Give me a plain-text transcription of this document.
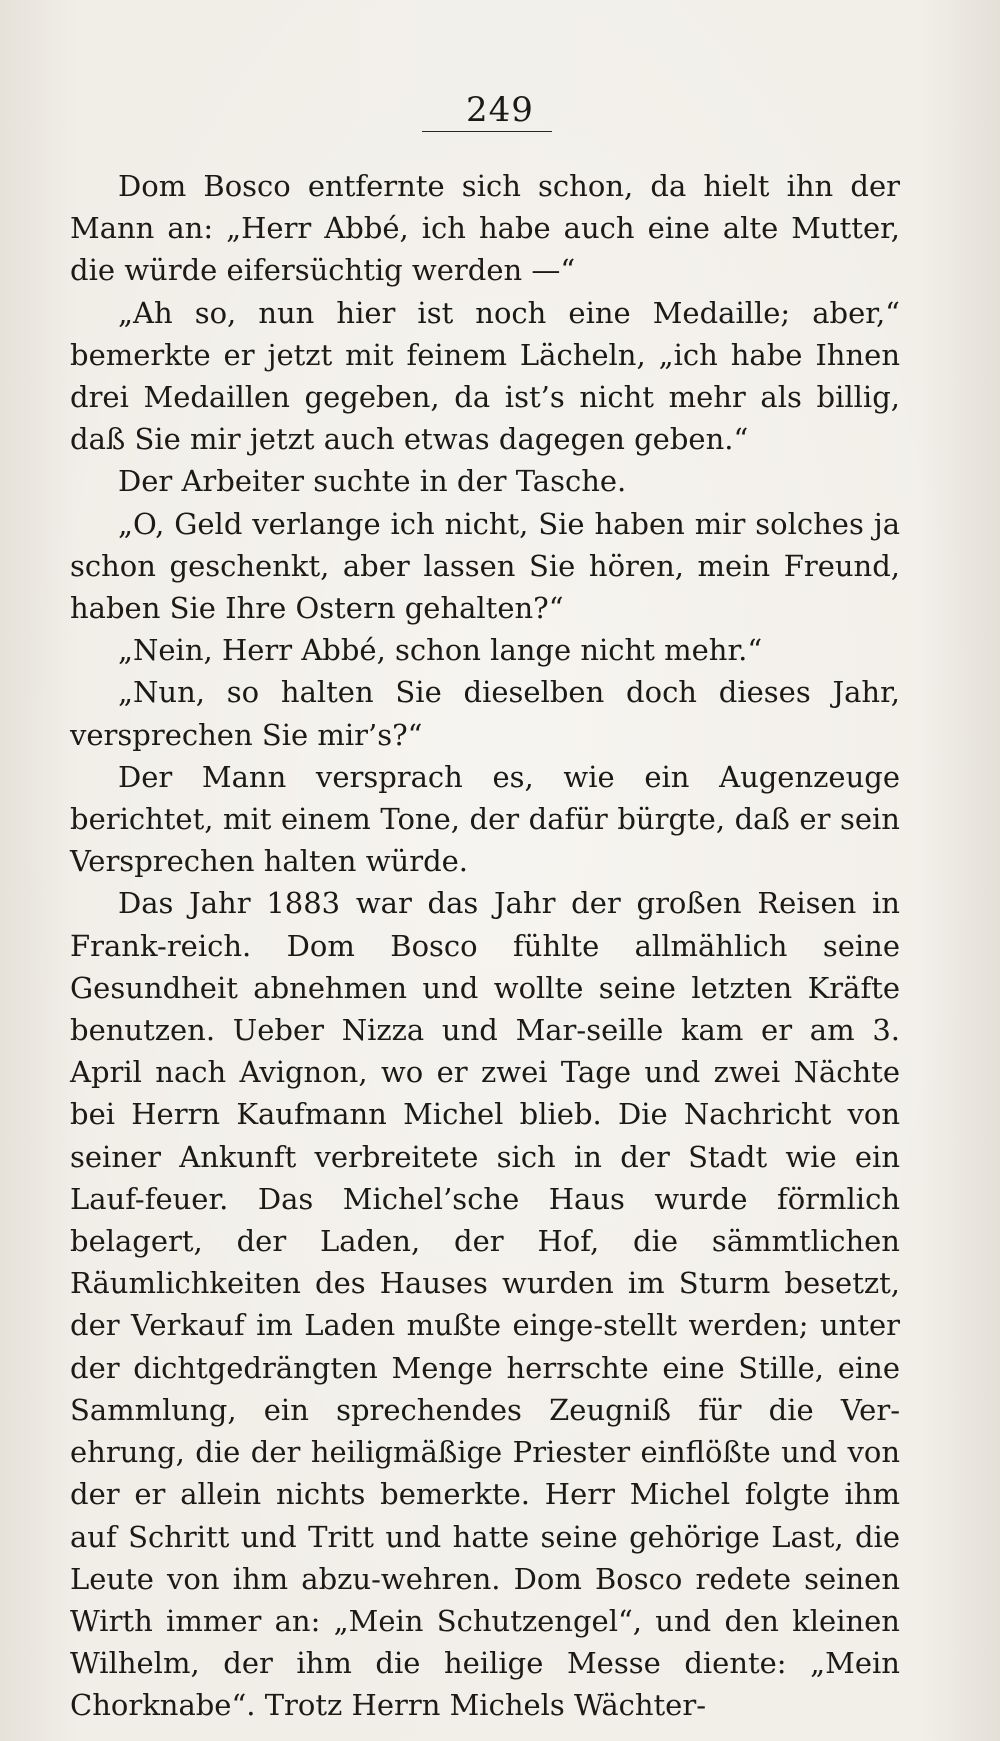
249

Dom Bosco entfernte sich schon, da hielt ihn der Mann an: „Herr Abbé, ich habe auch eine alte Mutter, die würde eifersüchtig werden —“

„Ah so, nun hier ist noch eine Medaille; aber,“ bemerkte er jetzt mit feinem Lächeln, „ich habe Ihnen drei Medaillen gegeben, da ist’s nicht mehr als billig, daß Sie mir jetzt auch etwas dagegen geben.“

Der Arbeiter suchte in der Tasche.

„O, Geld verlange ich nicht, Sie haben mir solches ja schon geschenkt, aber lassen Sie hören, mein Freund, haben Sie Ihre Ostern gehalten?“

„Nein, Herr Abbé, schon lange nicht mehr.“

„Nun, so halten Sie dieselben doch dieses Jahr, versprechen Sie mir’s?“

Der Mann versprach es, wie ein Augenzeuge berichtet, mit einem Tone, der dafür bürgte, daß er sein Versprechen halten würde.

Das Jahr 1883 war das Jahr der großen Reisen in Frank-reich. Dom Bosco fühlte allmählich seine Gesundheit abnehmen und wollte seine letzten Kräfte benutzen. Ueber Nizza und Mar-seille kam er am 3. April nach Avignon, wo er zwei Tage und zwei Nächte bei Herrn Kaufmann Michel blieb. Die Nachricht von seiner Ankunft verbreitete sich in der Stadt wie ein Lauf-feuer. Das Michel’sche Haus wurde förmlich belagert, der Laden, der Hof, die sämmtlichen Räumlichkeiten des Hauses wurden im Sturm besetzt, der Verkauf im Laden mußte einge-stellt werden; unter der dichtgedrängten Menge herrschte eine Stille, eine Sammlung, ein sprechendes Zeugniß für die Ver-ehrung, die der heiligmäßige Priester einflößte und von der er allein nichts bemerkte. Herr Michel folgte ihm auf Schritt und Tritt und hatte seine gehörige Last, die Leute von ihm abzu-wehren. Dom Bosco redete seinen Wirth immer an: „Mein Schutzengel“, und den kleinen Wilhelm, der ihm die heilige Messe diente: „Mein Chorknabe“. Trotz Herrn Michels Wächter-
